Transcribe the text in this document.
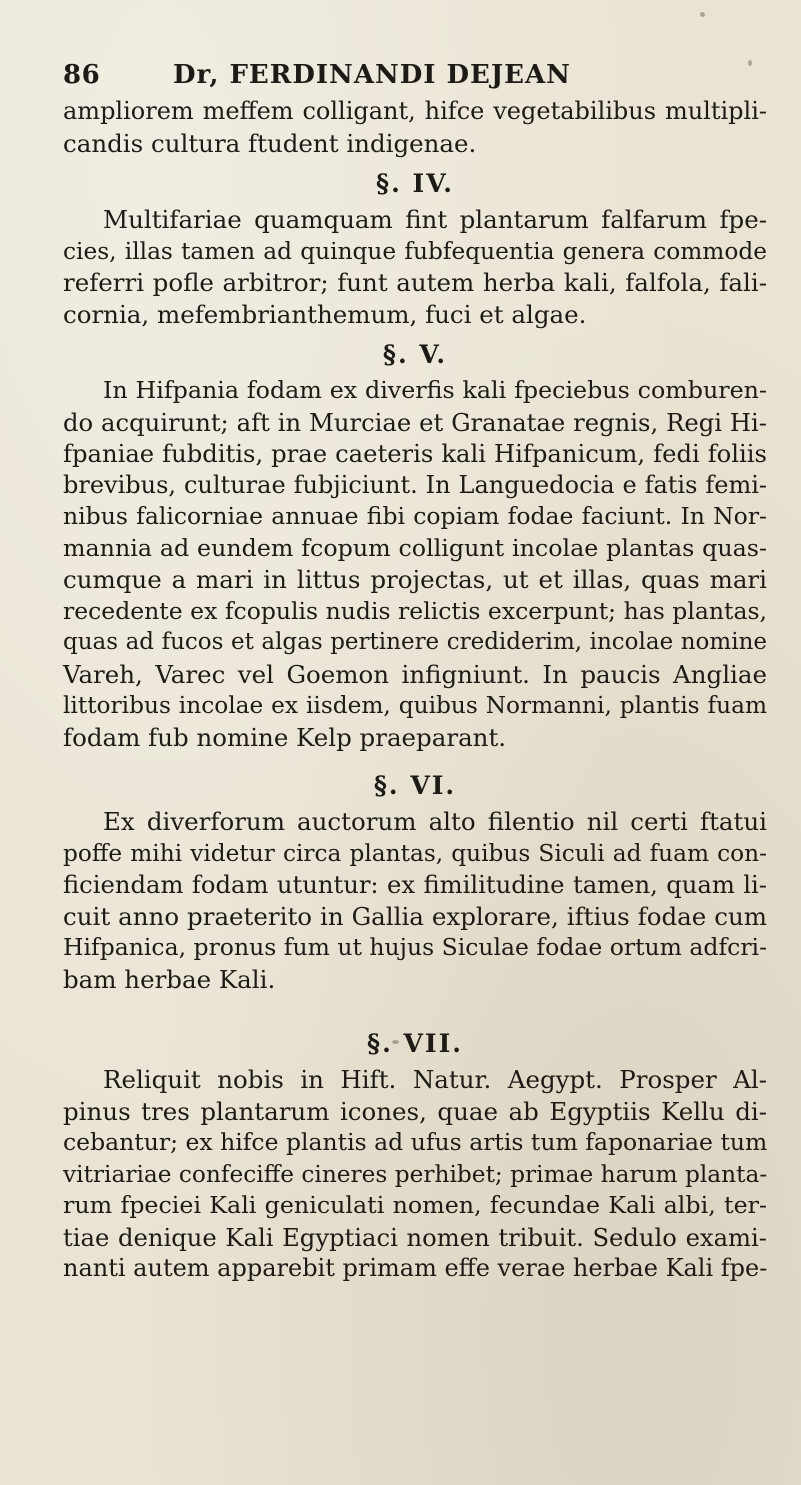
86	Dr, FERDINANDI DEJEAN
ampliorem meffem colligant, hifce vegetabilibus multipli-
candis cultura ftudent indigenae.
§. IV.
Multifariae quamquam fint plantarum falfarum fpe-
cies, illas tamen ad quinque fubfequentia genera commode
referri pofle arbitror; funt autem herba kali, falfola, fali-
cornia, mefembrianthemum, fuci et algae.
§. V.
In Hifpania fodam ex diverfis kali fpeciebus comburen-
do acquirunt; aft in Murciae et Granatae regnis, Regi Hi-
fpaniae fubditis, prae caeteris kali Hifpanicum, fedi foliis
brevibus, culturae fubjiciunt. In Languedocia e fatis femi-
nibus falicorniae annuae fibi copiam fodae faciunt. In Nor-
mannia ad eundem fcopum colligunt incolae plantas quas-
cumque a mari in littus projectas, ut et illas, quas mari
recedente ex fcopulis nudis relictis excerpunt; has plantas,
quas ad fucos et algas pertinere crediderim, incolae nomine
Vareh, Varec vel Goemon infigniunt. In paucis Angliae
littoribus incolae ex iisdem, quibus Normanni, plantis fuam
fodam fub nomine Kelp praeparant.
§. VI.
Ex diverforum auctorum alto filentio nil certi ftatui
poffe mihi videtur circa plantas, quibus Siculi ad fuam con-
ficiendam fodam utuntur: ex fimilitudine tamen, quam li-
cuit anno praeterito in Gallia explorare, iftius fodae cum
Hifpanica, pronus fum ut hujus Siculae fodae ortum adfcri-
bam herbae Kali.
§. VII.
Reliquit nobis in Hift. Natur. Aegypt. Prosper Al-
pinus tres plantarum icones, quae ab Egyptiis Kellu di-
cebantur; ex hifce plantis ad ufus artis tum faponariae tum
vitriariae confeciffe cineres perhibet; primae harum planta-
rum fpeciei Kali geniculati nomen, fecundae Kali albi, ter-
tiae denique Kali Egyptiaci nomen tribuit. Sedulo exami-
nanti autem apparebit primam effe verae herbae Kali fpe-
